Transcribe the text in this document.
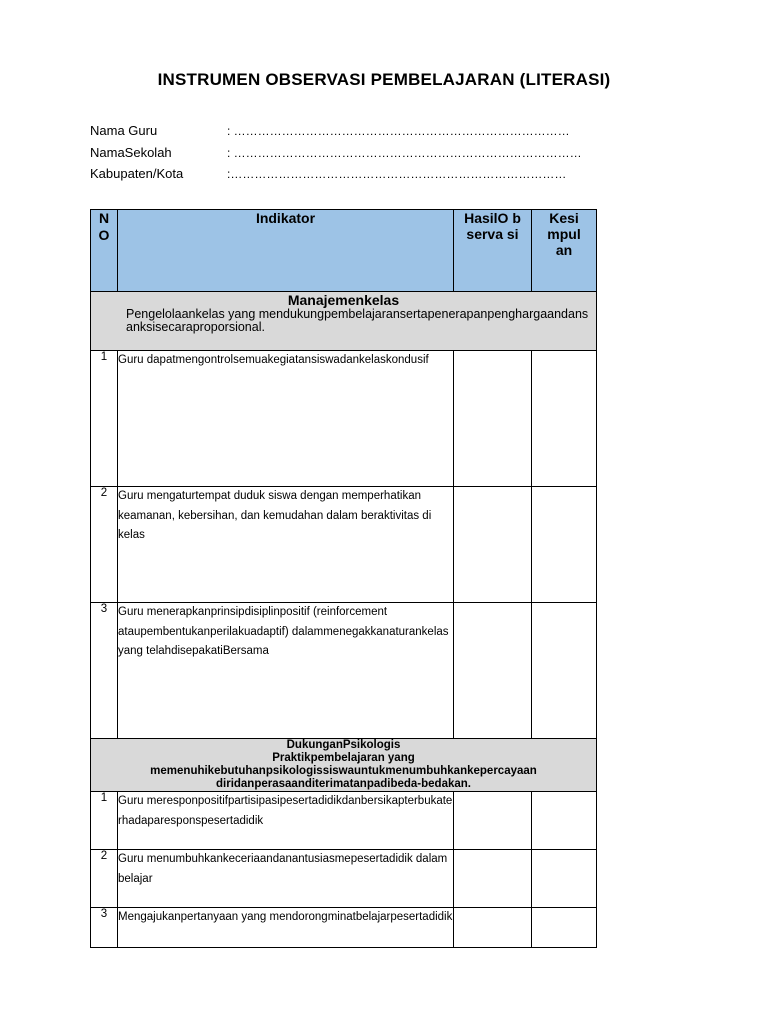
INSTRUMEN OBSERVASI PEMBELAJARAN (LITERASI)
Nama Guru	: …………………………………………………………………………
NamaSekolah	: ……………………………………………………………………………
Kabupaten/Kota	:…………………………………………………………………………
N O	Indikator	HasilO bserva si	Kesi mpul an

Manajemenkelas
Pengelolaankelas yang mendukungpembelajaransertapenerapanpenghargaandansanksisecaraproporsional.			

1	Guru dapatmengontrolsemuakegiatansiswadankelaskondusif		
2	Guru mengaturtempat duduk siswa dengan memperhatikan keamanan, kebersihan, dan kemudahan dalam beraktivitas di kelas		
3	Guru menerapkanprinsipdisiplinpositif (reinforcement ataupembentukanperilakuadaptif) dalammenegakkanaturankelas yang telahdisepakatiBersama		

DukunganPsikologis
Praktikpembelajaran yang
memenuhikebutuhanpsikologissiswauntukmenumbuhkankepercayaan
diridanperasaanditerimatanpadibeda-bedakan.			

1	Guru meresponpositifpartisipasipesertadidikdanbersikapterbukaterhadaparesponspesertadidik		
2	Guru menumbuhkankeceriaandanantusiasmepesertadidik dalambelajar		
3	Mengajukanpertanyaan yang mendorongminatbelajarpesertadidik		
